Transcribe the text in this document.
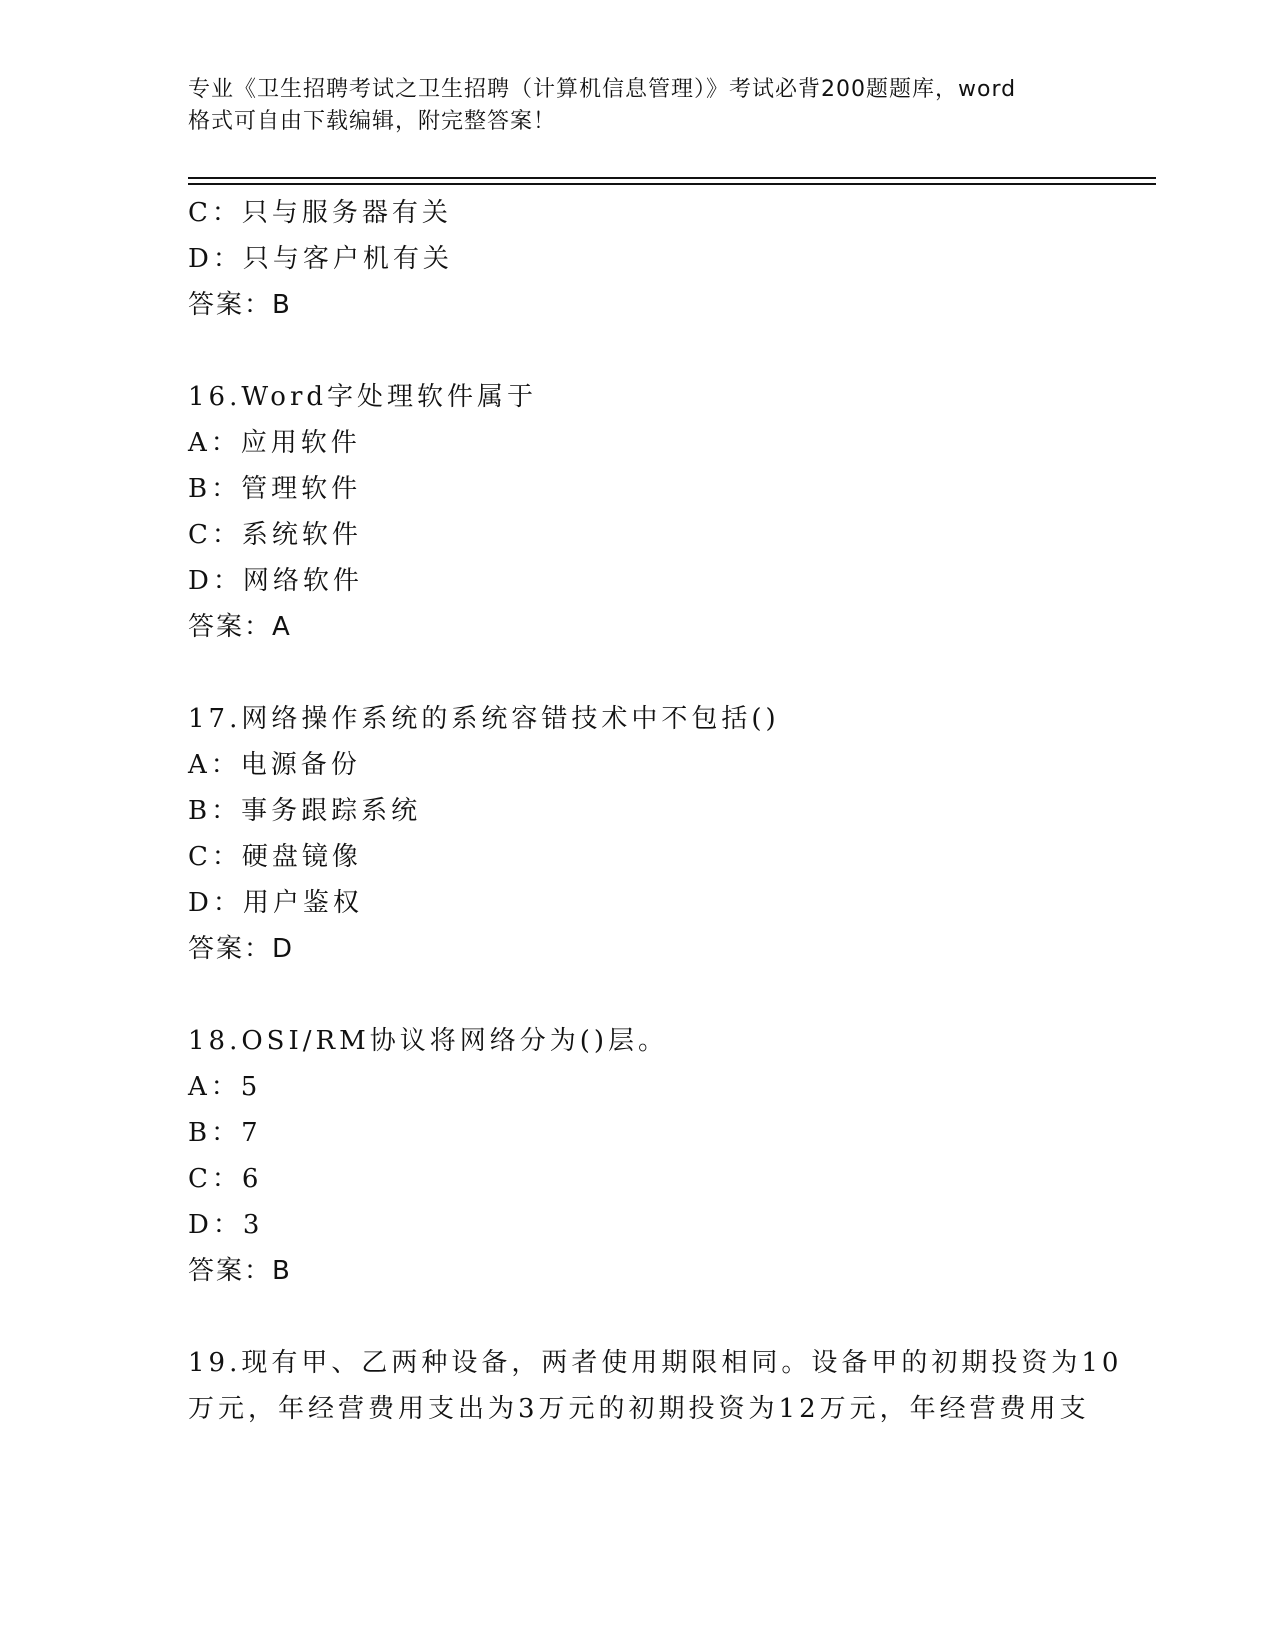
专业《卫生招聘考试之卫生招聘（计算机信息管理）》考试必背200题题库，word
格式可自由下载编辑，附完整答案！
C：只与服务器有关
D：只与客户机有关
答案：B
16.Word字处理软件属于
A：应用软件
B：管理软件
C：系统软件
D：网络软件
答案：A
17.网络操作系统的系统容错技术中不包括()
A：电源备份
B：事务跟踪系统
C：硬盘镜像
D：用户鉴权
答案：D
18.OSI/RM协议将网络分为()层。
A：5
B：7
C：6
D：3
答案：B
19.现有甲、乙两种设备，两者使用期限相同。设备甲的初期投资为10
万元，年经营费用支出为3万元的初期投资为12万元，年经营费用支
